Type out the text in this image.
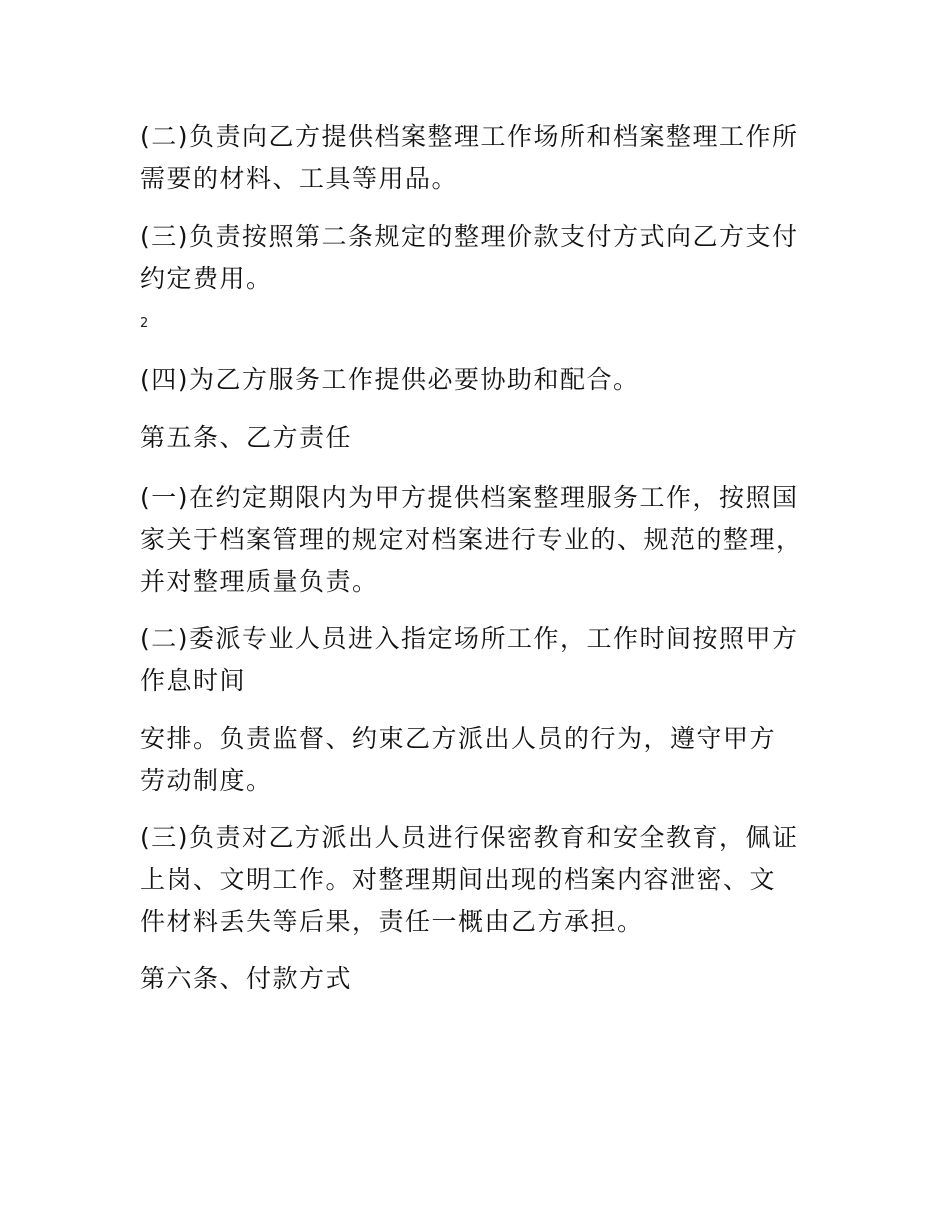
(二)负责向乙方提供档案整理工作场所和档案整理工作所
需要的材料、工具等用品。
(三)负责按照第二条规定的整理价款支付方式向乙方支付
约定费用。
2
(四)为乙方服务工作提供必要协助和配合。
第五条、乙方责任
(一)在约定期限内为甲方提供档案整理服务工作，按照国
家关于档案管理的规定对档案进行专业的、规范的整理，
并对整理质量负责。
(二)委派专业人员进入指定场所工作，工作时间按照甲方
作息时间
安排。负责监督、约束乙方派出人员的行为，遵守甲方
劳动制度。
(三)负责对乙方派出人员进行保密教育和安全教育，佩证
上岗、文明工作。对整理期间出现的档案内容泄密、文
件材料丢失等后果，责任一概由乙方承担。
第六条、付款方式
